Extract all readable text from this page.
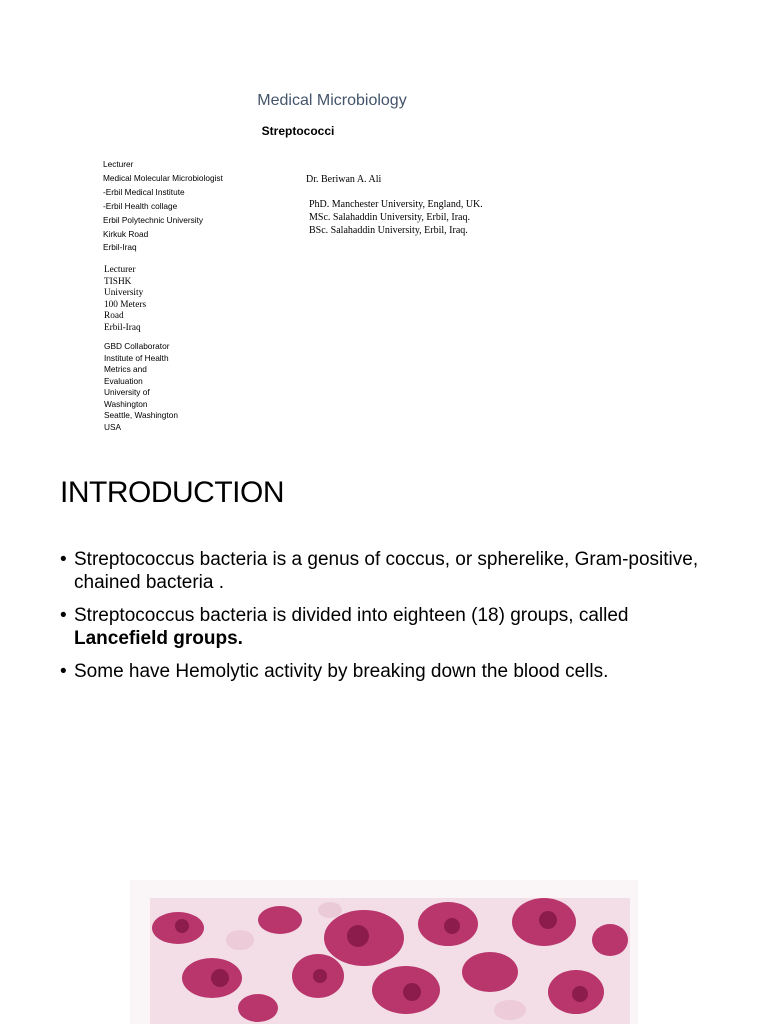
Medical Microbiology
Streptococci
Lecturer
Medical Molecular Microbiologist
-Erbil Medical Institute
-Erbil Health collage
Erbil Polytechnic University
Kirkuk Road
Erbil-Iraq
Lecturer
TISHK
University
100 Meters
Road
Erbil-Iraq
GBD Collaborator
Institute of Health
Metrics and
Evaluation
University of
Washington
Seattle, Washington
USA
Dr. Beriwan A. Ali
PhD. Manchester University, England, UK.
MSc. Salahaddin University, Erbil, Iraq.
BSc. Salahaddin University, Erbil, Iraq.
INTRODUCTION
• Streptococcus bacteria is a genus of coccus, or spherelike, Gram-positive, chained bacteria .
• Streptococcus bacteria is divided into eighteen (18) groups, called
Lancefield groups.
• Some have Hemolytic activity by breaking down the blood cells.
